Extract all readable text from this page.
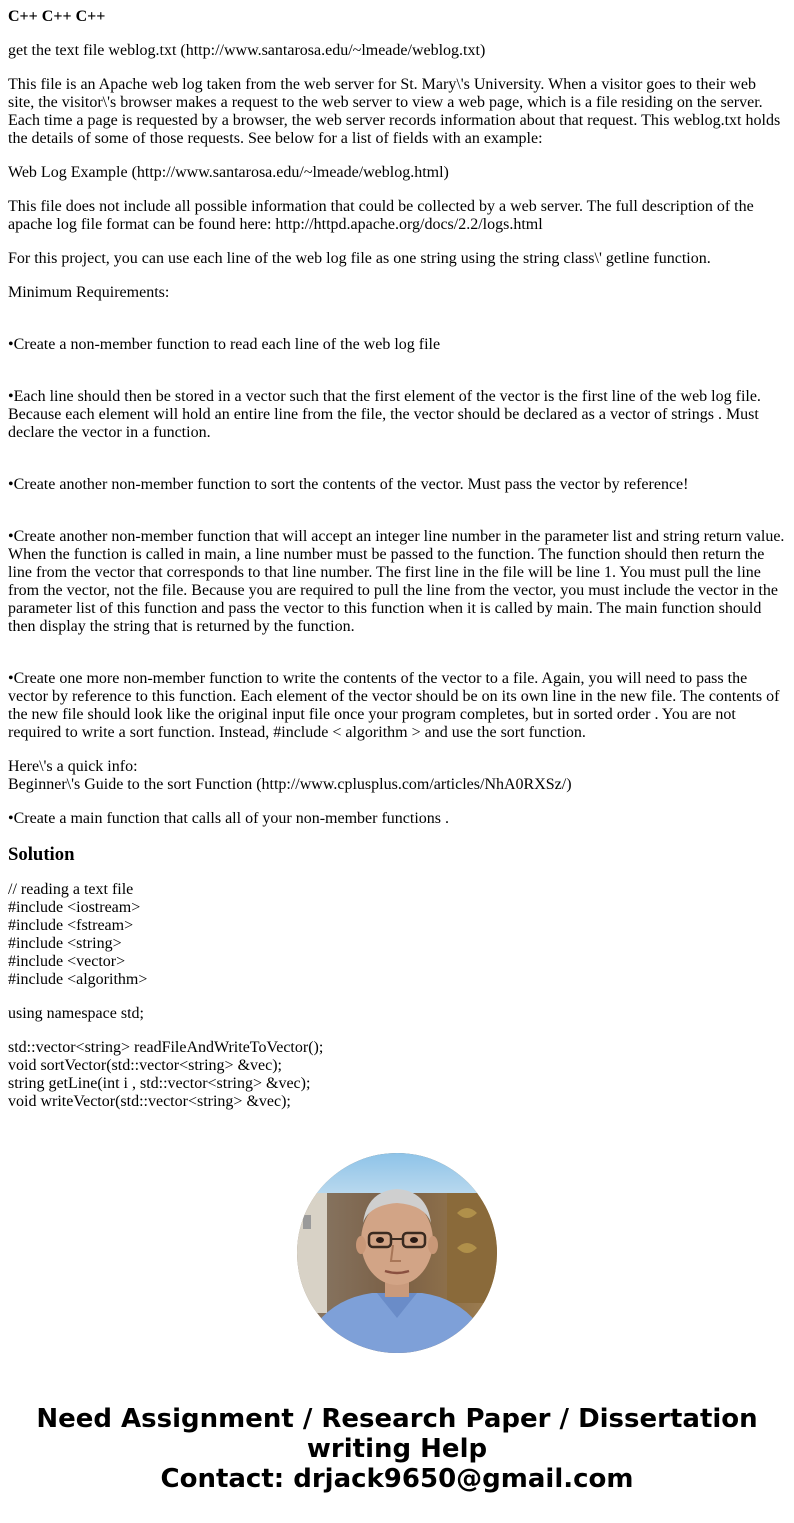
C++ C++ C++

get the text file weblog.txt (http://www.santarosa.edu/~lmeade/weblog.txt)

This file is an Apache web log taken from the web server for St. Mary\'s University. When a visitor goes to their web site, the visitor\'s browser makes a request to the web server to view a web page, which is a file residing on the server. Each time a page is requested by a browser, the web server records information about that request. This weblog.txt holds the details of some of those requests. See below for a list of fields with an example:

Web Log Example (http://www.santarosa.edu/~lmeade/weblog.html)

This file does not include all possible information that could be collected by a web server. The full description of the apache log file format can be found here: http://httpd.apache.org/docs/2.2/logs.html

For this project, you can use each line of the web log file as one string using the string class\' getline function.

Minimum Requirements:

•Create a non-member function to read each line of the web log file

•Each line should then be stored in a vector such that the first element of the vector is the first line of the web log file. Because each element will hold an entire line from the file, the vector should be declared as a vector of strings . Must declare the vector in a function.

•Create another non-member function to sort the contents of the vector. Must pass the vector by reference!

•Create another non-member function that will accept an integer line number in the parameter list and string return value. When the function is called in main, a line number must be passed to the function. The function should then return the line from the vector that corresponds to that line number. The first line in the file will be line 1. You must pull the line from the vector, not the file. Because you are required to pull the line from the vector, you must include the vector in the parameter list of this function and pass the vector to this function when it is called by main. The main function should then display the string that is returned by the function.

•Create one more non-member function to write the contents of the vector to a file. Again, you will need to pass the vector by reference to this function. Each element of the vector should be on its own line in the new file. The contents of the new file should look like the original input file once your program completes, but in sorted order . You are not required to write a sort function. Instead, #include < algorithm > and use the sort function.

Here\'s a quick info:
Beginner\'s Guide to the sort Function (http://www.cplusplus.com/articles/NhA0RXSz/)

•Create a main function that calls all of your non-member functions .

Solution
// reading a text file
#include <iostream>
#include <fstream>
#include <string>
#include <vector>
#include <algorithm>
using namespace std;
std::vector<string> readFileAndWriteToVector();
void sortVector(std::vector<string> &vec);
string getLine(int i , std::vector<string> &vec);
void writeVector(std::vector<string> &vec);
Need Assignment / Research Paper / Dissertation
writing Help
Contact: drjack9650@gmail.com
